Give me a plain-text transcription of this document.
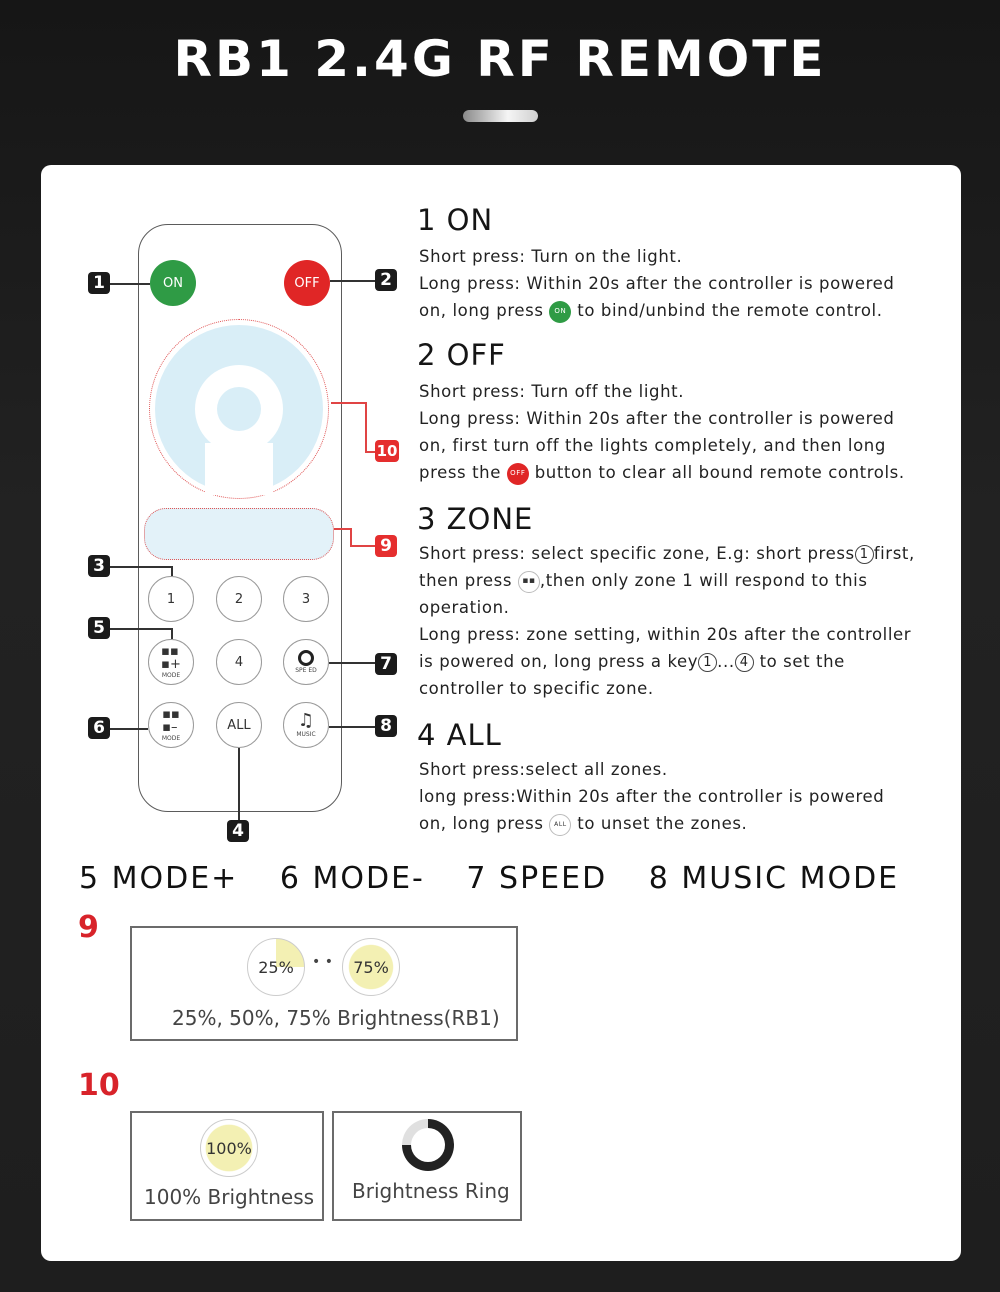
RB1 2.4G RF REMOTE
ON	OFF
1	2	3
▪▪
▪+
MODE
4
SPE ED
▪▪
▪–
MODE
ALL	♫
MUSIC
1	2
3
5
6
7
8
4
9
10
1 ON

Short press: Turn on the light.

Long press: Within 20s after the controller is powered

on, long press ON to bind/unbind the remote control.

2 OFF

Short press: Turn off the light.

Long press: Within 20s after the controller is powered

on, first turn off the lights completely, and then long

press the OFF button to clear all bound remote controls.

3 ZONE

Short press: select specific zone, E.g: short press 1 first,

then press ▪▪ ,then only zone 1 will respond to this

operation.

Long press: zone setting, within 20s after the controller

is powered on, long press a key 1 ... 4 to set the

controller to specific zone.

4 ALL

Short press:select all zones.

long press:Within 20s after the controller is powered

on, long press ALL to unset the zones.

5 MODE+ 6 MODE- 7 SPEED 8 MUSIC MODE
9
25% • • 75%
25%, 50%, 75% Brightness(RB1)
10
100%
100% Brightness Brightness Ring
